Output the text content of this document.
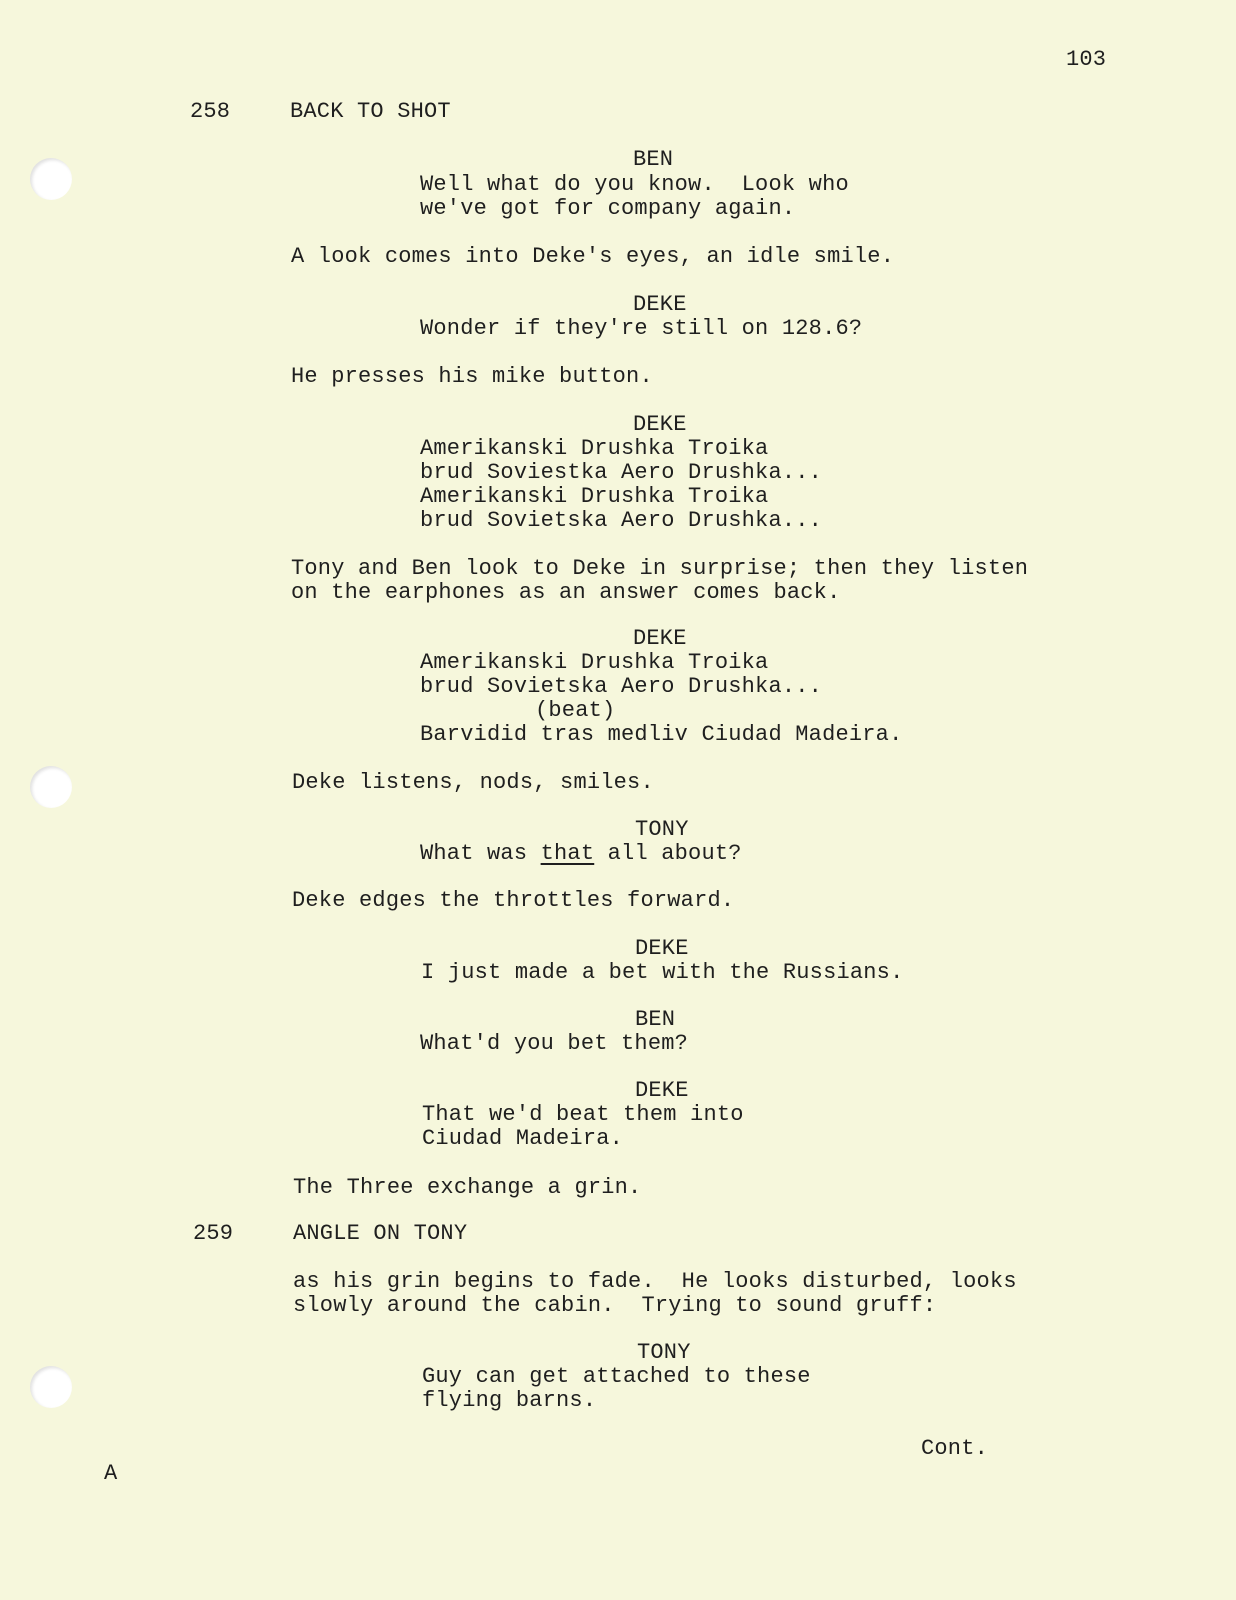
103
258	BACK TO SHOT
BEN
Well what do you know.  Look who
we've got for company again.
A look comes into Deke's eyes, an idle smile.
DEKE
Wonder if they're still on 128.6?
He presses his mike button.
DEKE
Amerikanski Drushka Troika
brud Soviestka Aero Drushka...
Amerikanski Drushka Troika
brud Sovietska Aero Drushka...
Tony and Ben look to Deke in surprise; then they listen
on the earphones as an answer comes back.
DEKE
Amerikanski Drushka Troika
brud Sovietska Aero Drushka...
(beat)
Barvidid tras medliv Ciudad Madeira.
Deke listens, nods, smiles.
TONY
What was that all about?
Deke edges the throttles forward.
DEKE
I just made a bet with the Russians.
BEN
What'd you bet them?
DEKE
That we'd beat them into
Ciudad Madeira.
The Three exchange a grin.
259	ANGLE ON TONY
as his grin begins to fade.  He looks disturbed, looks
slowly around the cabin.  Trying to sound gruff:
TONY
Guy can get attached to these
flying barns.
Cont.
A
